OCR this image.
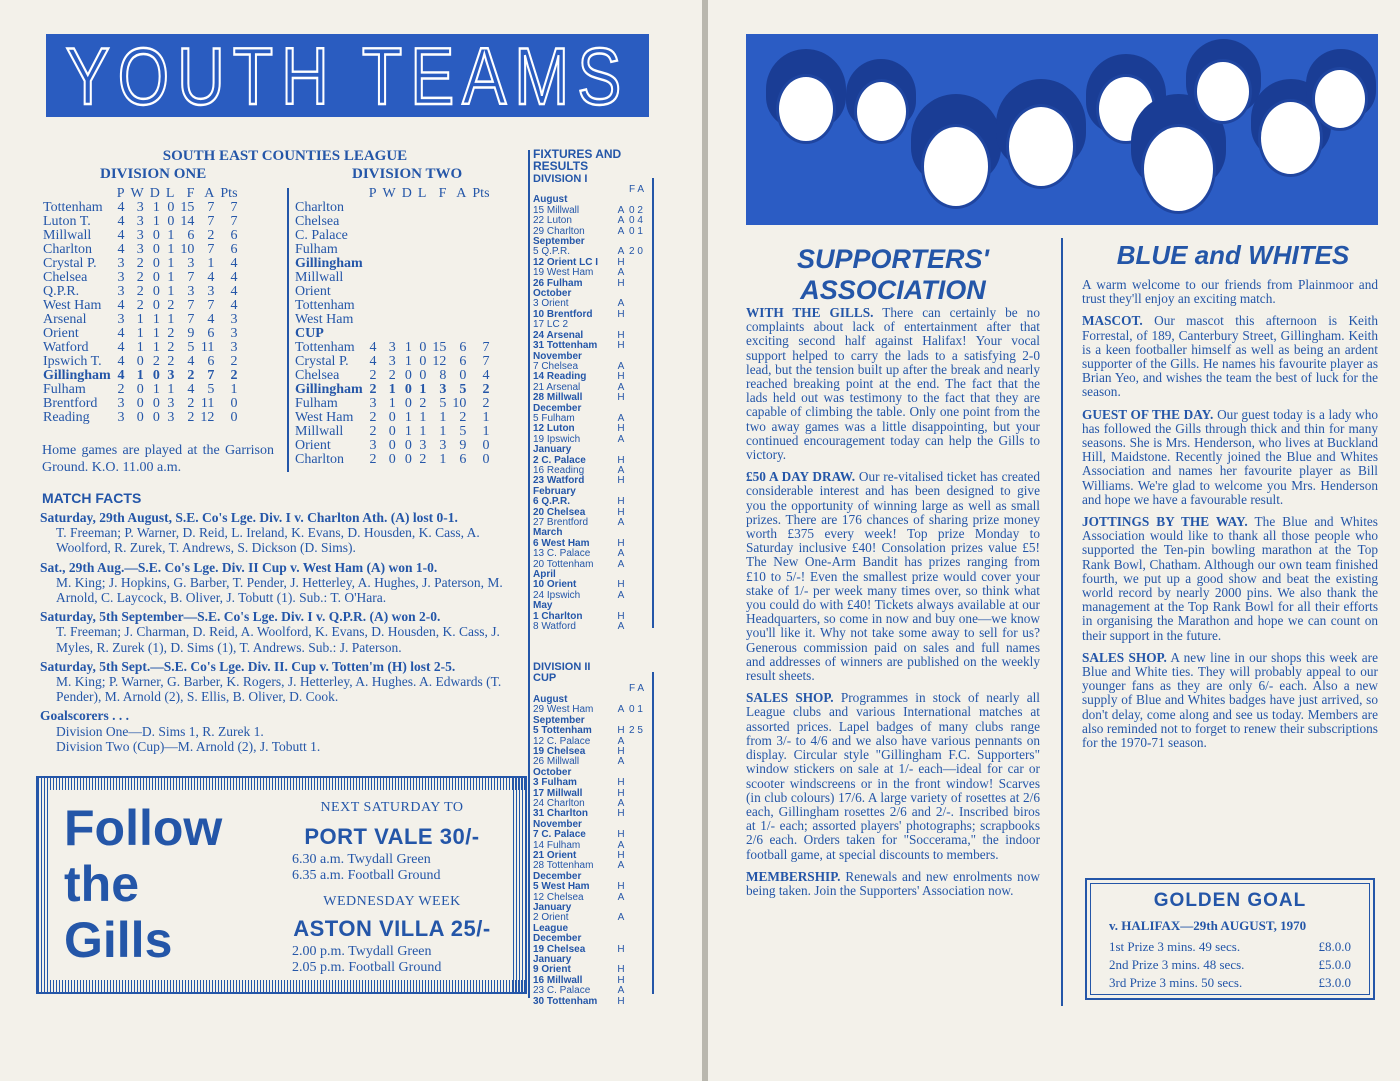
YOUTH TEAMS
SOUTH EAST COUNTIES LEAGUE
DIVISION ONE	DIVISION TWO
	P	W	D	L	F	A	Pts
Tottenham	4	3	1	0	15	7	7
Luton T.	4	3	1	0	14	7	7
Millwall	4	3	0	1	6	2	6
Charlton	4	3	0	1	10	7	6
Crystal P.	3	2	0	1	3	1	4
Chelsea	3	2	0	1	7	4	4
Q.P.R.	3	2	0	1	3	3	4
West Ham	4	2	0	2	7	7	4
Arsenal	3	1	1	1	7	4	3
Orient	4	1	1	2	9	6	3
Watford	4	1	1	2	5	11	3
Ipswich T.	4	0	2	2	4	6	2
Gillingham	4	1	0	3	2	7	2
Fulham	2	0	1	1	4	5	1
Brentford	3	0	0	3	2	11	0
Reading	3	0	0	3	2	12	0
	P	W	D	L	F	A	Pts
Charlton							
Chelsea							
C. Palace							
Fulham							
Gillingham							
Millwall							
Orient							
Tottenham							
West Ham							
CUP							
Tottenham	4	3	1	0	15	6	7
Crystal P.	4	3	1	0	12	6	7
Chelsea	2	2	0	0	8	0	4
Gillingham	2	1	0	1	3	5	2
Fulham	3	1	0	2	5	10	2
West Ham	2	0	1	1	1	2	1
Millwall	2	0	1	1	1	5	1
Orient	3	0	0	3	3	9	0
Charlton	2	0	0	2	1	6	0
Home games are played at the Garrison Ground. K.O. 11.00 a.m.
MATCH FACTS

Saturday, 29th August, S.E. Co's Lge. Div. I v. Charlton Ath. (A) lost 0-1.
T. Freeman; P. Warner, D. Reid, L. Ireland, K. Evans, D. Housden, K. Cass, A. Woolford, R. Zurek, T. Andrews, S. Dickson (D. Sims).

Sat., 29th Aug.—S.E. Co's Lge. Div. II Cup v. West Ham (A) won 1-0.
M. King; J. Hopkins, G. Barber, T. Pender, J. Hetterley, A. Hughes, J. Paterson, M. Arnold, C. Laycock, B. Oliver, J. Tobutt (1). Sub.: T. O'Hara.

Saturday, 5th September—S.E. Co's Lge. Div. I v. Q.P.R. (A) won 2-0.
T. Freeman; J. Charman, D. Reid, A. Woolford, K. Evans, D. Housden, K. Cass, J. Myles, R. Zurek (1), D. Sims (1), T. Andrews. Sub.: J. Paterson.

Saturday, 5th Sept.—S.E. Co's Lge. Div. II. Cup v. Totten'm (H) lost 2-5.
M. King; P. Warner, G. Barber, K. Rogers, J. Hetterley, A. Hughes. A. Edwards (T. Pender), M. Arnold (2), S. Ellis, B. Oliver, D. Cook.

Goalscorers . . .
Division One—D. Sims 1, R. Zurek 1.
Division Two (Cup)—M. Arnold (2), J. Tobutt 1.
Follow
the
Gills
NEXT SATURDAY TO
PORT VALE 30/-
6.30 a.m. Twydall Green
6.35 a.m. Football Ground
WEDNESDAY WEEK
ASTON VILLA 25/-
2.00 p.m. Twydall Green
2.05 p.m. Football Ground
FIXTURES AND RESULTS
DIVISION I
F A
August
15 Millwall	A 0 2
22 Luton	A 0 4
29 Charlton	A 0 1
September
5 Q.P.R.	A 2 0
12 Orient LC I	H
19 West Ham	A
26 Fulham	H
October
3 Orient	A
10 Brentford	H
17 LC 2
24 Arsenal	H
31 Tottenham	H
November
7 Chelsea	A
14 Reading	H
21 Arsenal	A
28 Millwall	H
December
5 Fulham	A
12 Luton	H
19 Ipswich	A
January
2 C. Palace	H
16 Reading	A
23 Watford	H
February
6 Q.P.R.	H
20 Chelsea	H
27 Brentford	A
March
6 West Ham	H
13 C. Palace	A
20 Tottenham	A
April
10 Orient	H
24 Ipswich	A
May
1 Charlton	H
8 Watford	A
DIVISION II CUP
F A
August
29 West Ham	A 0 1
September
5 Tottenham	H 2 5
12 C. Palace	A
19 Chelsea	H
26 Millwall	A
October
3 Fulham	H
17 Millwall	H
24 Charlton	A
31 Charlton	H
November
7 C. Palace	H
14 Fulham	A
21 Orient	H
28 Tottenham	A
December
5 West Ham	H
12 Chelsea	A
January
2 Orient	A
League
December
19 Chelsea	H
January
9 Orient	H
16 Millwall	H
23 C. Palace	A
30 Tottenham	H
SUPPORTERS' ASSOCIATION

WITH THE GILLS. There can certainly be no complaints about lack of entertainment after that exciting second half against Halifax! Your vocal support helped to carry the lads to a satisfying 2-0 lead, but the tension built up after the break and nearly reached breaking point at the end. The fact that the lads held out was testimony to the fact that they are capable of climbing the table. Only one point from the two away games was a little disappointing, but your continued encouragement today can help the Gills to victory.

£50 A DAY DRAW. Our re-vitalised ticket has created considerable interest and has been designed to give you the opportunity of winning large as well as small prizes. There are 176 chances of sharing prize money worth £375 every week! Top prize Monday to Saturday inclusive £40! Consolation prizes value £5! The New One-Arm Bandit has prizes ranging from £10 to 5/-! Even the smallest prize would cover your stake of 1/- per week many times over, so think what you could do with £40! Tickets always available at our Headquarters, so come in now and buy one—we know you'll like it. Why not take some away to sell for us? Generous commission paid on sales and full names and addresses of winners are published on the weekly result sheets.

SALES SHOP. Programmes in stock of nearly all League clubs and various International matches at assorted prices. Lapel badges of many clubs range from 3/- to 4/6 and we also have various pennants on display. Circular style "Gillingham F.C. Supporters" window stickers on sale at 1/- each—ideal for car or scooter windscreens or in the front window! Scarves (in club colours) 17/6. A large variety of rosettes at 2/6 each, Gillingham rosettes 2/6 and 2/-. Inscribed biros at 1/- each; assorted players' photographs; scrapbooks 2/6 each. Orders taken for "Soccerama," the indoor football game, at special discounts to members.

MEMBERSHIP. Renewals and new enrolments now being taken. Join the Supporters' Association now.

BLUE and WHITES

A warm welcome to our friends from Plainmoor and trust they'll enjoy an exciting match.

MASCOT. Our mascot this afternoon is Keith Forrestal, of 189, Canterbury Street, Gillingham. Keith is a keen footballer himself as well as being an ardent supporter of the Gills. He names his favourite player as Brian Yeo, and wishes the team the best of luck for the season.

GUEST OF THE DAY. Our guest today is a lady who has followed the Gills through thick and thin for many seasons. She is Mrs. Henderson, who lives at Buckland Hill, Maidstone. Recently joined the Blue and Whites Association and names her favourite player as Bill Williams. We're glad to welcome you Mrs. Henderson and hope we have a favourable result.

JOTTINGS BY THE WAY. The Blue and Whites Association would like to thank all those people who supported the Ten-pin bowling marathon at the Top Rank Bowl, Chatham. Although our own team finished fourth, we put up a good show and beat the existing world record by nearly 2000 pins. We also thank the management at the Top Rank Bowl for all their efforts in organising the Marathon and hope we can count on their support in the future.

SALES SHOP. A new line in our shops this week are Blue and White ties. They will probably appeal to our younger fans as they are only 6/- each. Also a new supply of Blue and Whites badges have just arrived, so don't delay, come along and see us today. Members are also reminded not to forget to renew their subscriptions for the 1970-71 season.

GOLDEN GOAL
v. HALIFAX—29th AUGUST, 1970
1st Prize 3 mins. 49 secs.	£8.0.0
2nd Prize 3 mins. 48 secs.	£5.0.0
3rd Prize 3 mins. 50 secs.	£3.0.0
